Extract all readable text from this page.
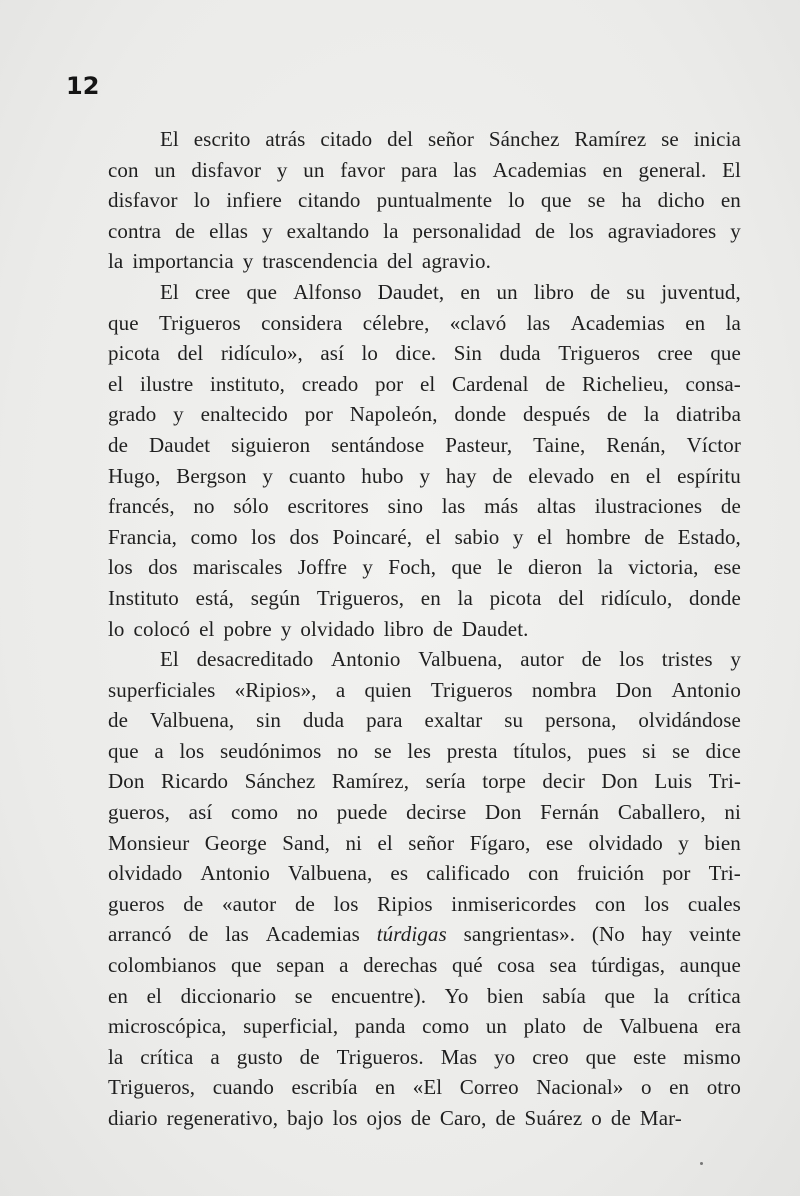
12
El escrito atrás citado del señor Sánchez Ramírez se inicia
con un disfavor y un favor para las Academias en general. El
disfavor lo infiere citando puntualmente lo que se ha dicho en
contra de ellas y exaltando la personalidad de los agraviadores y
la importancia y trascendencia del agravio.
El cree que Alfonso Daudet, en un libro de su juventud,
que Trigueros considera célebre, «clavó las Academias en la
picota del ridículo», así lo dice. Sin duda Trigueros cree que
el ilustre instituto, creado por el Cardenal de Richelieu, consa-
grado y enaltecido por Napoleón, donde después de la diatriba
de Daudet siguieron sentándose Pasteur, Taine, Renán, Víctor
Hugo, Bergson y cuanto hubo y hay de elevado en el espíritu
francés, no sólo escritores sino las más altas ilustraciones de
Francia, como los dos Poincaré, el sabio y el hombre de Estado,
los dos mariscales Joffre y Foch, que le dieron la victoria, ese
Instituto está, según Trigueros, en la picota del ridículo, donde
lo colocó el pobre y olvidado libro de Daudet.
El desacreditado Antonio Valbuena, autor de los tristes y
superficiales «Ripios», a quien Trigueros nombra Don Antonio
de Valbuena, sin duda para exaltar su persona, olvidándose
que a los seudónimos no se les presta títulos, pues si se dice
Don Ricardo Sánchez Ramírez, sería torpe decir Don Luis Tri-
gueros, así como no puede decirse Don Fernán Caballero, ni
Monsieur George Sand, ni el señor Fígaro, ese olvidado y bien
olvidado Antonio Valbuena, es calificado con fruición por Tri-
gueros de «autor de los Ripios inmisericordes con los cuales
arrancó de las Academias túrdigas sangrientas». (No hay veinte
colombianos que sepan a derechas qué cosa sea túrdigas, aunque
en el diccionario se encuentre). Yo bien sabía que la crítica
microscópica, superficial, panda como un plato de Valbuena era
la crítica a gusto de Trigueros. Mas yo creo que este mismo
Trigueros, cuando escribía en «El Correo Nacional» o en otro
diario regenerativo, bajo los ojos de Caro, de Suárez o de Mar-
